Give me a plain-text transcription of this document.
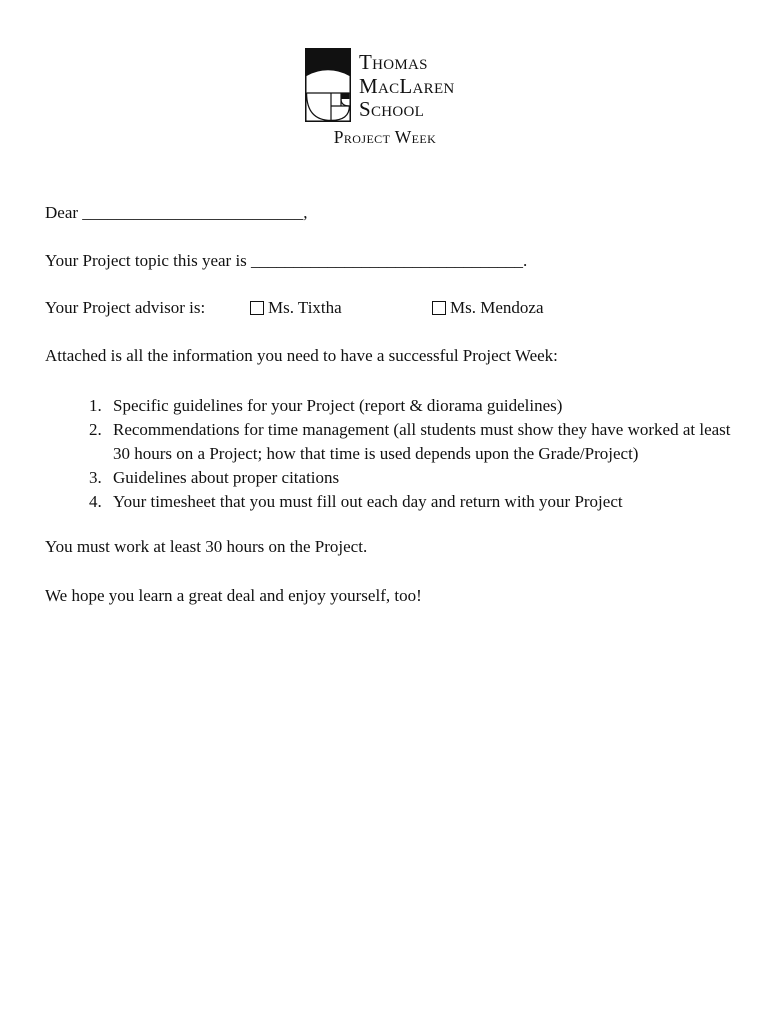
Thomas
MacLaren
School
Project Week
Dear __________________________,
Your Project topic this year is ________________________________.
Your Project advisor is:	Ms. Tixtha	Ms. Mendoza
Attached is all the information you need to have a successful Project Week:
1. Specific guidelines for your Project (report & diorama guidelines)
2. Recommendations for time management (all students must show they have worked at least 30 hours on a Project; how that time is used depends upon the Grade/Project)
3. Guidelines about proper citations
4. Your timesheet that you must fill out each day and return with your Project
You must work at least 30 hours on the Project.
We hope you learn a great deal and enjoy yourself, too!
